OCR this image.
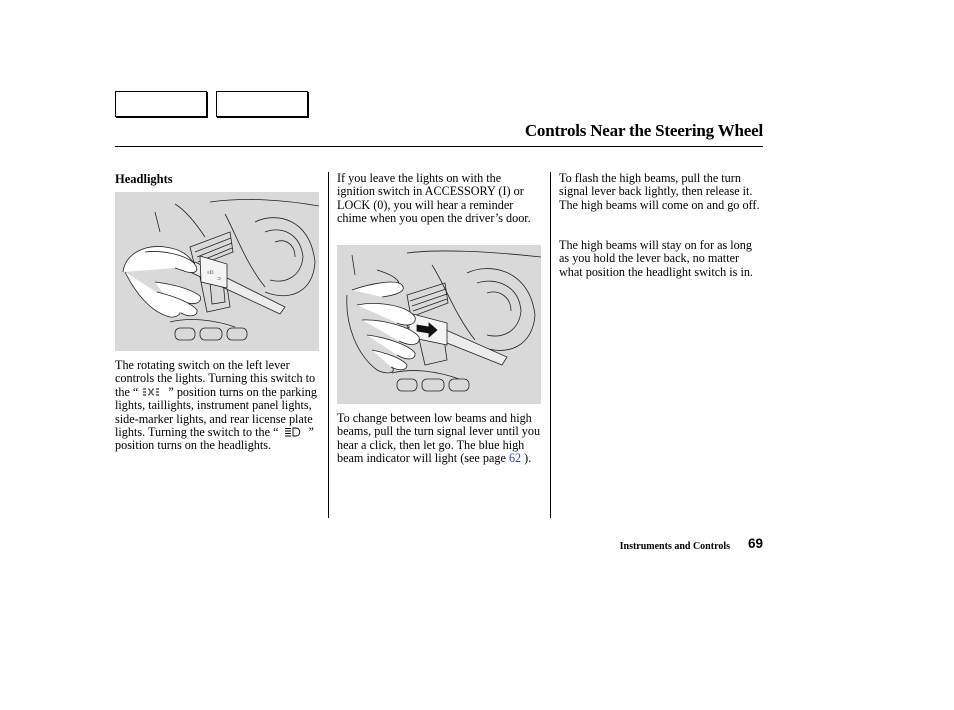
Controls Near the Steering Wheel
Headlights
≡D
⊃

The rotating switch on the left lever controls the lights. Turning this switch to the “ ” position turns on the parking lights, taillights, instrument panel lights, side-marker lights, and rear license plate lights. Turning the switch to the “ ” position turns on the headlights.

If you leave the lights on with the ignition switch in ACCESSORY (I) or LOCK (0), you will hear a reminder chime when you open the driver’s door.

To change between low beams and high beams, pull the turn signal lever until you hear a click, then let go. The blue high beam indicator will light (see page 62 ).

To flash the high beams, pull the turn signal lever back lightly, then release it. The high beams will come on and go off.

The high beams will stay on for as long as you hold the lever back, no matter what position the headlight switch is in.

Instruments and Controls 69
